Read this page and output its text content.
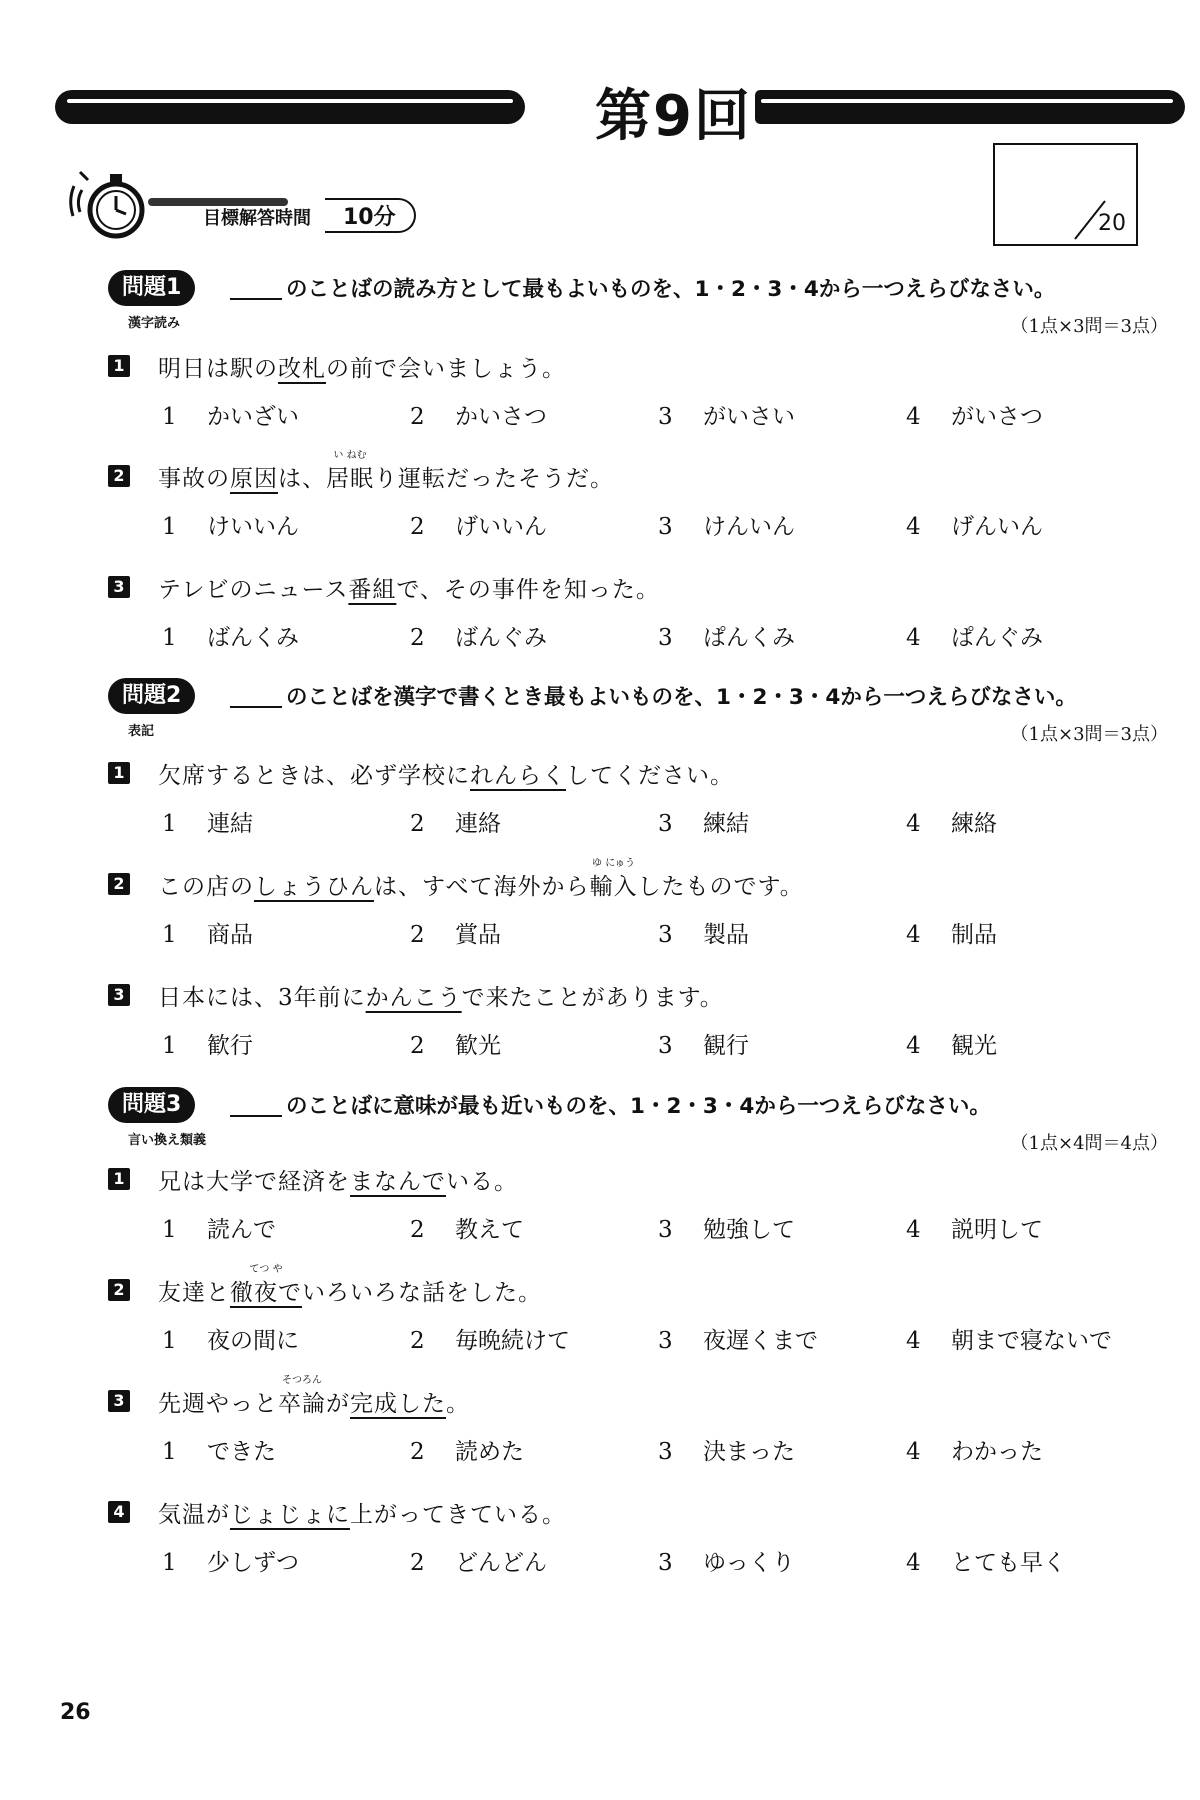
第9回
目標解答時間 10分	20
問題1	のことばの読み方として最もよいものを、1・2・3・4から一つえらびなさい。
漢字読み	（1点×3問＝3点）
1 明日は駅の改札の前で会いましょう。
1 かいざい	2 かいさつ	3 がいさい	4 がいさつ
2 事故の原因は、
い ねむ
居眠り運転だったそうだ。
1 けいいん	2 げいいん	3 けんいん	4 げんいん
3 テレビのニュース番組で、その事件を知った。
1 ばんくみ	2 ばんぐみ	3 ぱんくみ	4 ぱんぐみ
問題2	のことばを漢字で書くとき最もよいものを、1・2・3・4から一つえらびなさい。
表記	（1点×3問＝3点）
1 欠席するときは、必ず学校にれんらくしてください。
1 連結	2 連絡	3 練結	4 練絡
2 この店のしょうひんは、すべて海外から
ゆ にゅう
輸入したものです。
1 商品	2 賞品	3 製品	4 制品
3 日本には、3年前にかんこうで来たことがあります。
1 歓行	2 歓光	3 観行	4 観光
問題3	のことばに意味が最も近いものを、1・2・3・4から一つえらびなさい。
言い換え類義	（1点×4問＝4点）
1 兄は大学で経済をまなんでいる。
1 読んで	2 教えて	3 勉強して	4 説明して
2 友達と
てつ や
徹夜でいろいろな話をした。
1 夜の間に	2 毎晩続けて	3 夜遅くまで	4 朝まで寝ないで
3 先週やっと
そつろん
卒論が完成した。
1 できた	2 読めた	3 決まった	4 わかった
4 気温がじょじょに上がってきている。
1 少しずつ	2 どんどん	3 ゆっくり	4 とても早く
26
